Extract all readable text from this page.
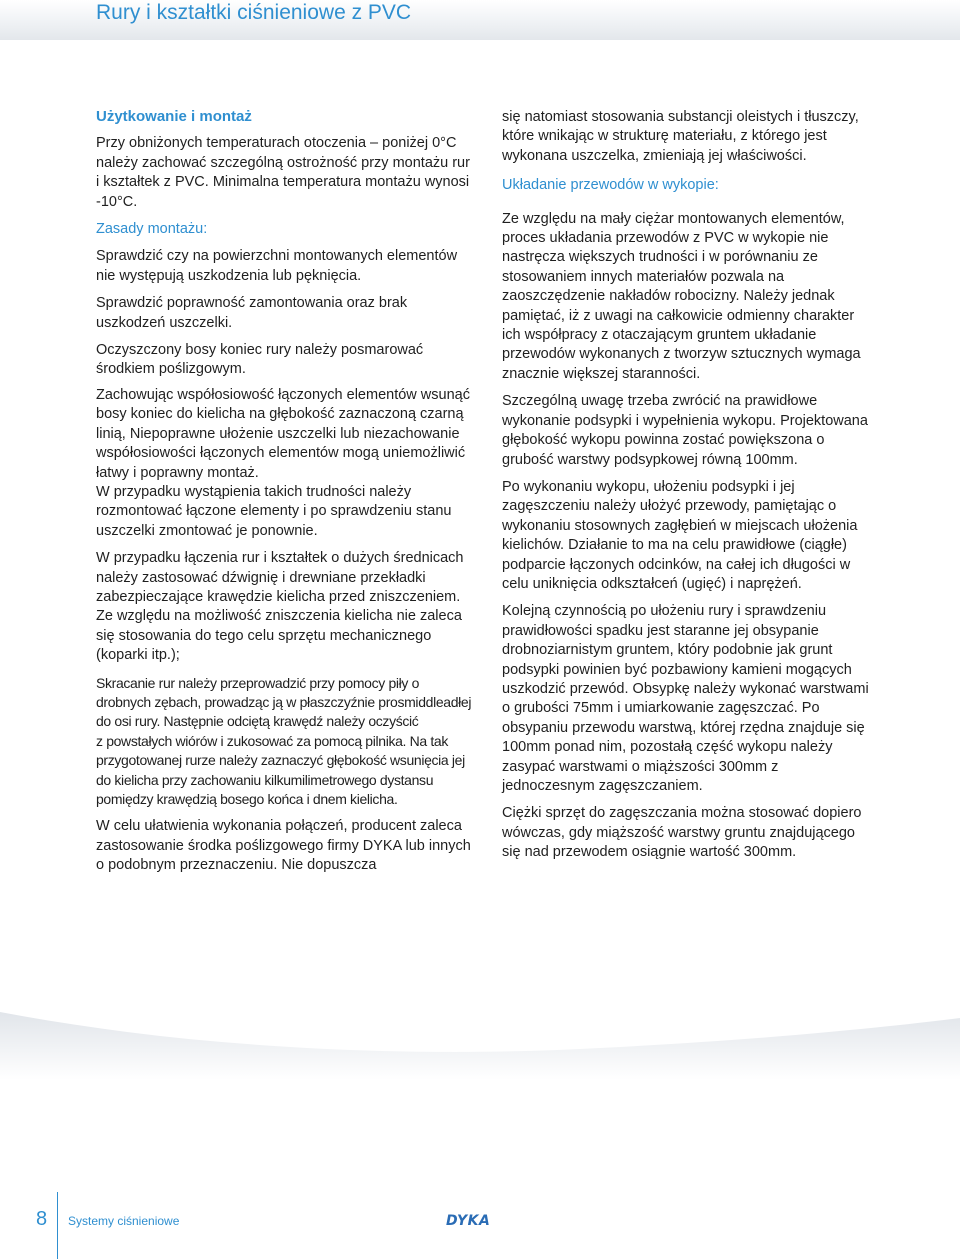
Rury i kształtki ciśnieniowe z PVC

Użytkowanie i montaż

Przy obniżonych temperaturach otoczenia – poniżej 0°C należy zachować szczególną ostrożność przy montażu rur i kształtek z PVC. Minimalna temperatura montażu wynosi -10°C.

Zasady montażu:

Sprawdzić czy na powierzchni montowanych elementów nie występują uszkodzenia lub pęknięcia.

Sprawdzić poprawność zamontowania oraz brak uszkodzeń uszczelki.

Oczyszczony bosy koniec rury należy posmarować środkiem poślizgowym.

Zachowując współosiowość łączonych elementów wsunąć bosy koniec do kielicha na głębokość zaznaczoną czarną linią, Niepoprawne ułożenie uszczelki lub niezachowanie współosiowości łączonych elementów mogą uniemożliwić łatwy i poprawny montaż.

W przypadku wystąpienia takich trudności należy rozmontować łączone elementy i po sprawdzeniu stanu uszczelki zmontować je ponownie.

W przypadku łączenia rur i kształtek o dużych średnicach należy zastosować dźwignię i drewniane przekładki zabezpieczające krawędzie kielicha przed zniszczeniem.

Ze względu na możliwość zniszczenia kielicha nie zaleca się stosowania do tego celu sprzętu mechanicznego (koparki itp.);

Skracanie rur należy przeprowadzić przy pomocy piły o drobnych zębach, prowadząc ją w płaszczyźnie prosmiddleadłej do osi rury. Następnie odciętą krawędź należy oczyścić

z powstałych wiórów i zukosować za pomocą pilnika. Na tak przygotowanej rurze należy zaznaczyć głębokość wsunięcia jej do kielicha przy zachowaniu kilkumilimetrowego dystansu pomiędzy krawędzią bosego końca i dnem kielicha.

W celu ułatwienia wykonania połączeń, producent zaleca zastosowanie środka poślizgowego firmy DYKA lub innych o podobnym przeznaczeniu. Nie dopuszcza

się natomiast stosowania substancji oleistych i tłuszczy, które wnikając w strukturę materiału, z którego jest wykonana uszczelka, zmieniają jej właściwości.

Układanie przewodów w wykopie:

Ze względu na mały ciężar montowanych elementów, proces układania przewodów z PVC w wykopie nie nastręcza większych trudności i w porównaniu ze stosowaniem innych materiałów pozwala na zaoszczędzenie nakładów robocizny. Należy jednak pamiętać, iż z uwagi na całkowicie odmienny charakter ich współpracy z otaczającym gruntem układanie przewodów wykonanych z tworzyw sztucznych wymaga znacznie większej staranności.

Szczególną uwagę trzeba zwrócić na prawidłowe wykonanie podsypki i wypełnienia wykopu. Projektowana głębokość wykopu powinna zostać powiększona o grubość warstwy podsypkowej równą 100mm.

Po wykonaniu wykopu, ułożeniu podsypki i jej zagęszczeniu należy ułożyć przewody, pamiętając o wykonaniu stosownych zagłębień w miejscach ułożenia kielichów. Działanie to ma na celu prawidłowe (ciągłe) podparcie łączonych odcinków, na całej ich długości w celu uniknięcia odkształceń (ugięć) i naprężeń.

Kolejną czynnością po ułożeniu rury i sprawdzeniu prawidłowości spadku jest staranne jej obsypanie drobnoziarnistym gruntem, który podobnie jak grunt podsypki powinien być pozbawiony kamieni mogących uszkodzić przewód. Obsypkę należy wykonać warstwami o grubości 75mm i umiarkowanie zagęszczać. Po obsypaniu przewodu warstwą, której rzędna znajduje się 100mm ponad nim, pozostałą część wykopu należy zasypać warstwami o miąższości 300mm z jednoczesnym zagęszczaniem.

Ciężki sprzęt do zagęszczania można stosować dopiero wówczas, gdy miąższość warstwy gruntu znajdującego się nad przewodem osiągnie wartość 300mm.

8 Systemy ciśnieniowe	DYKA
